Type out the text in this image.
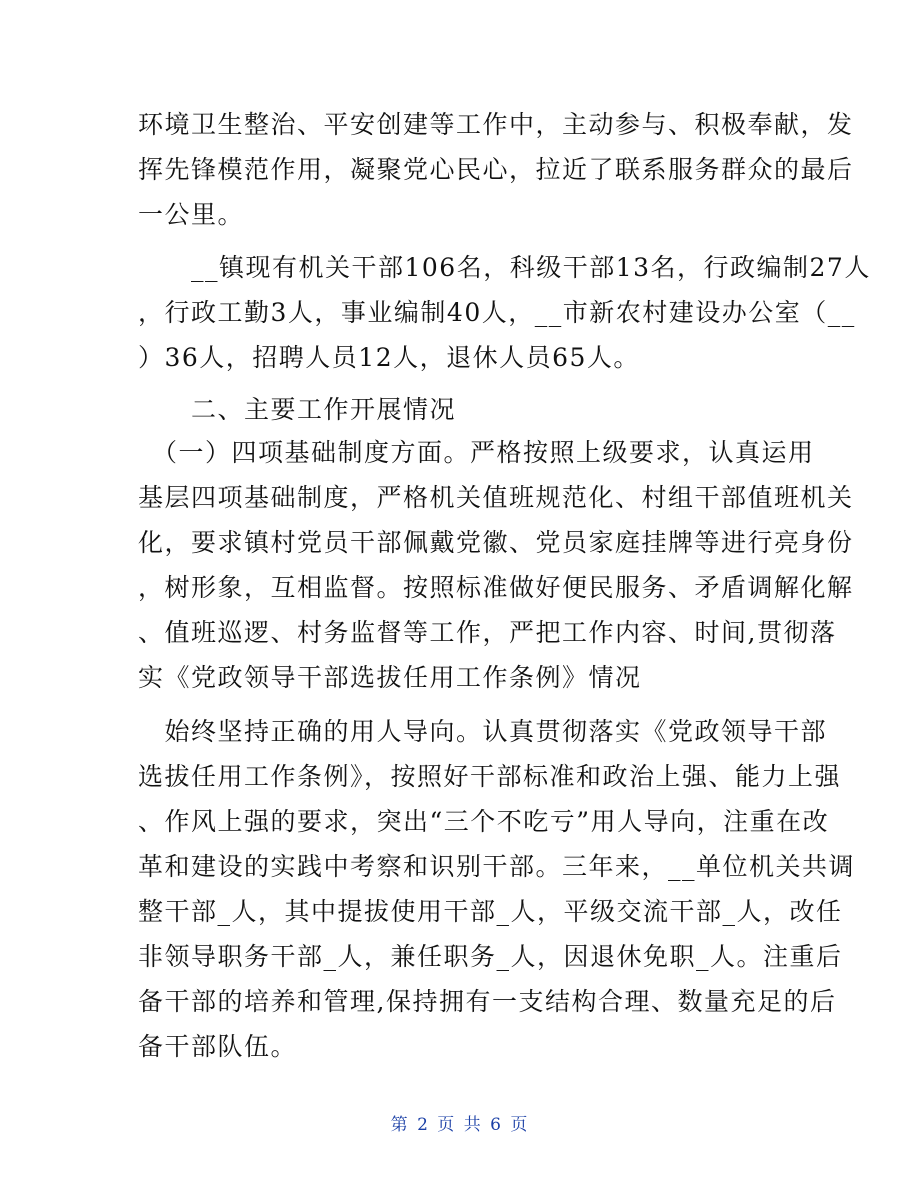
环境卫生整治、平安创建等工作中，主动参与、积极奉献，发
挥先锋模范作用，凝聚党心民心，拉近了联系服务群众的最后
一公里。
　　__镇现有机关干部106名，科级干部13名，行政编制27人
，行政工勤3人，事业编制40人，__市新农村建设办公室（__
）36人，招聘人员12人，退休人员65人。
　　二、主要工作开展情况
　（一）四项基础制度方面。严格按照上级要求，认真运用
基层四项基础制度，严格机关值班规范化、村组干部值班机关
化，要求镇村党员干部佩戴党徽、党员家庭挂牌等进行亮身份
，树形象，互相监督。按照标准做好便民服务、矛盾调解化解
、值班巡逻、村务监督等工作，严把工作内容、时间,贯彻落
实《党政领导干部选拔任用工作条例》情况
　始终坚持正确的用人导向。认真贯彻落实《党政领导干部
选拔任用工作条例》，按照好干部标准和政治上强、能力上强
、作风上强的要求，突出“三个不吃亏”用人导向，注重在改
革和建设的实践中考察和识别干部。三年来，__单位机关共调
整干部_人，其中提拔使用干部_人，平级交流干部_人，改任
非领导职务干部_人，兼任职务_人，因退休免职_人。注重后
备干部的培养和管理,保持拥有一支结构合理、数量充足的后
备干部队伍。
第 2 页 共 6 页
